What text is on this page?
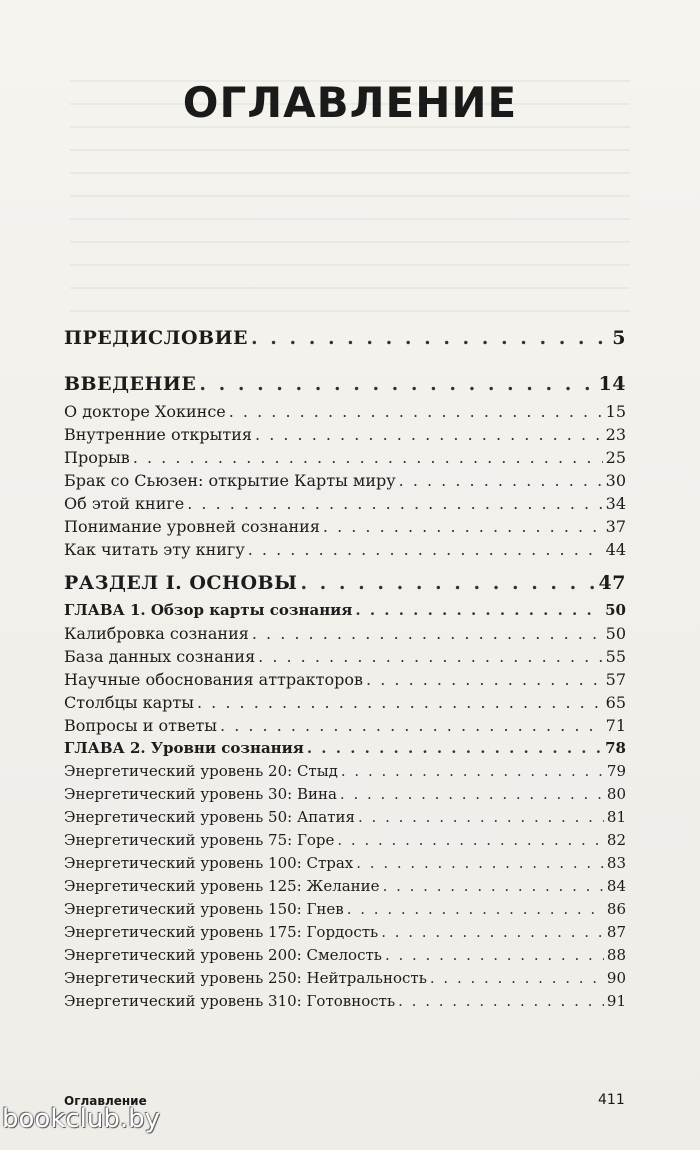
ОГЛАВЛЕНИЕ
ПРЕДИСЛОВИЕ . . .	5
ВВЕДЕНИЕ . . .	14
О докторе Хокинсе . . .	15
Внутренние открытия . . .	23
Прорыв . . .	25
Брак со Сьюзен: открытие Карты миру . . .	30
Об этой книге . . .	34
Понимание уровней сознания . . .	37
Как читать эту книгу . . .	44
РАЗДЕЛ I. ОСНОВЫ . . .	47
ГЛАВА 1. Обзор карты сознания . . .	50
Калибровка сознания . . .	50
База данных сознания . . .	55
Научные обоснования аттракторов . . .	57
Столбцы карты . . .	65
Вопросы и ответы . . .	71
ГЛАВА 2. Уровни сознания . . .	78
Энергетический уровень 20: Стыд . . .	79
Энергетический уровень 30: Вина . . .	80
Энергетический уровень 50: Апатия . . .	81
Энергетический уровень 75: Горе . . .	82
Энергетический уровень 100: Страх . . .	83
Энергетический уровень 125: Желание . . .	84
Энергетический уровень 150: Гнев . . .	86
Энергетический уровень 175: Гордость . . .	87
Энергетический уровень 200: Смелость . . .	88
Энергетический уровень 250: Нейтральность . . .	90
Энергетический уровень 310: Готовность . . .	91
Оглавление	411
bookclub.by
